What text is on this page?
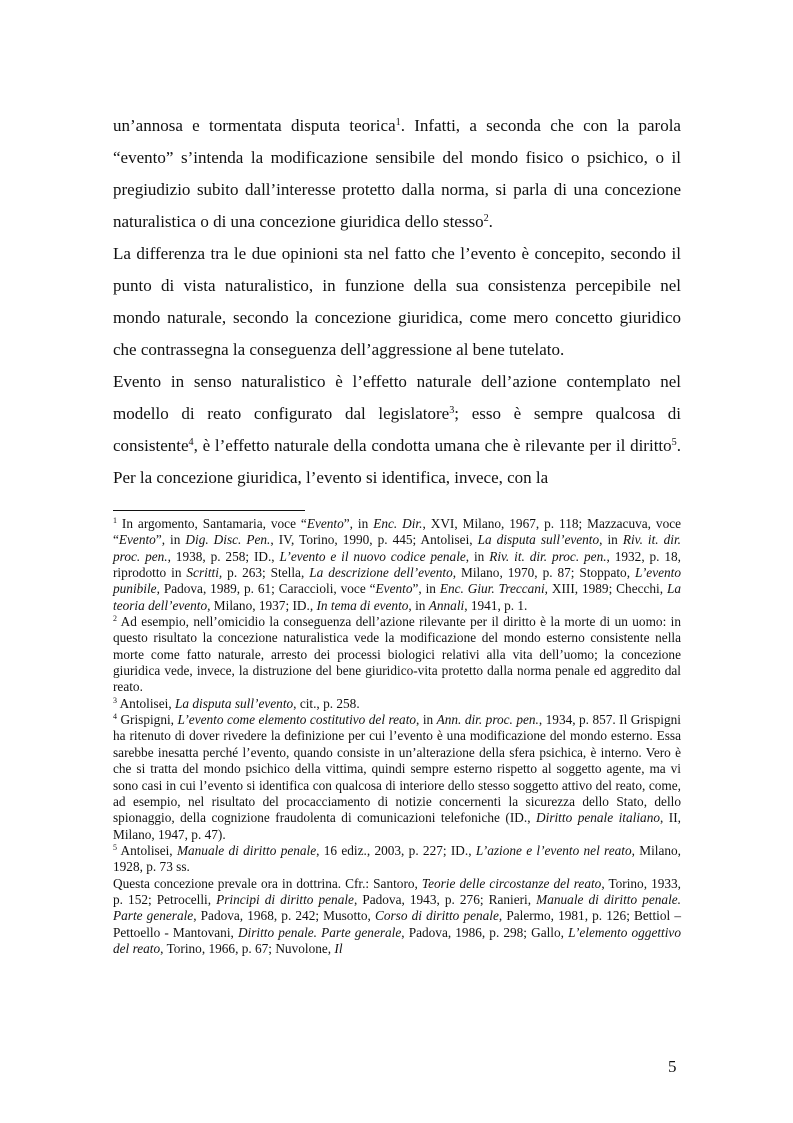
un’annosa e tormentata disputa teorica$^1$. Infatti, a seconda che con la parola “evento” s’intenda la modificazione sensibile del mondo fisico o psichico, o il pregiudizio subito dall’interesse protetto dalla norma, si parla di una concezione naturalistica o di una concezione giuridica dello stesso$^2$.

La differenza tra le due opinioni sta nel fatto che l’evento è concepito, secondo il punto di vista naturalistico, in funzione della sua consistenza percepibile nel mondo naturale, secondo la concezione giuridica, come mero concetto giuridico che contrassegna la conseguenza dell’aggressione al bene tutelato.

Evento in senso naturalistico è l’effetto naturale dell’azione contemplato nel modello di reato configurato dal legislatore$^3$; esso è sempre qualcosa di consistente$^4$, è l’effetto naturale della condotta umana che è rilevante per il diritto$^5$. Per la concezione giuridica, l’evento si identifica, invece, con la

$^1$ In argomento, Santamaria, voce “Evento”, in Enc. Dir., XVI, Milano, 1967, p. 118; Mazzacuva, voce “Evento”, in Dig. Disc. Pen., IV, Torino, 1990, p. 445; Antolisei, La disputa sull’evento, in Riv. it. dir. proc. pen., 1938, p. 258; ID., L’evento e il nuovo codice penale, in Riv. it. dir. proc. pen., 1932, p. 18, riprodotto in Scritti, p. 263; Stella, La descrizione dell’evento, Milano, 1970, p. 87; Stoppato, L’evento punibile, Padova, 1989, p. 61; Caraccioli, voce “Evento”, in Enc. Giur. Treccani, XIII, 1989; Checchi, La teoria dell’evento, Milano, 1937; ID., In tema di evento, in Annali, 1941, p. 1.

$^2$ Ad esempio, nell’omicidio la conseguenza dell’azione rilevante per il diritto è la morte di un uomo: in questo risultato la concezione naturalistica vede la modificazione del mondo esterno consistente nella morte come fatto naturale, arresto dei processi biologici relativi alla vita dell’uomo; la concezione giuridica vede, invece, la distruzione del bene giuridico-vita protetto dalla norma penale ed aggredito dal reato.

$^3$ Antolisei, La disputa sull’evento, cit., p. 258.

$^4$ Grispigni, L’evento come elemento costitutivo del reato, in Ann. dir. proc. pen., 1934, p. 857. Il Grispigni ha ritenuto di dover rivedere la definizione per cui l’evento è una modificazione del mondo esterno. Essa sarebbe inesatta perché l’evento, quando consiste in un’alterazione della sfera psichica, è interno. Vero è che si tratta del mondo psichico della vittima, quindi sempre esterno rispetto al soggetto agente, ma vi sono casi in cui l’evento si identifica con qualcosa di interiore dello stesso soggetto attivo del reato, come, ad esempio, nel risultato del procacciamento di notizie concernenti la sicurezza dello Stato, dello spionaggio, della cognizione fraudolenta di comunicazioni telefoniche (ID., Diritto penale italiano, II, Milano, 1947, p. 47).

$^5$ Antolisei, Manuale di diritto penale, 16 ediz., 2003, p. 227; ID., L’azione e l’evento nel reato, Milano, 1928, p. 73 ss.

Questa concezione prevale ora in dottrina. Cfr.: Santoro, Teorie delle circostanze del reato, Torino, 1933, p. 152; Petrocelli, Principi di diritto penale, Padova, 1943, p. 276; Ranieri, Manuale di diritto penale. Parte generale, Padova, 1968, p. 242; Musotto, Corso di diritto penale, Palermo, 1981, p. 126; Bettiol – Pettoello - Mantovani, Diritto penale. Parte generale, Padova, 1986, p. 298; Gallo, L’elemento oggettivo del reato, Torino, 1966, p. 67; Nuvolone, Il

5
